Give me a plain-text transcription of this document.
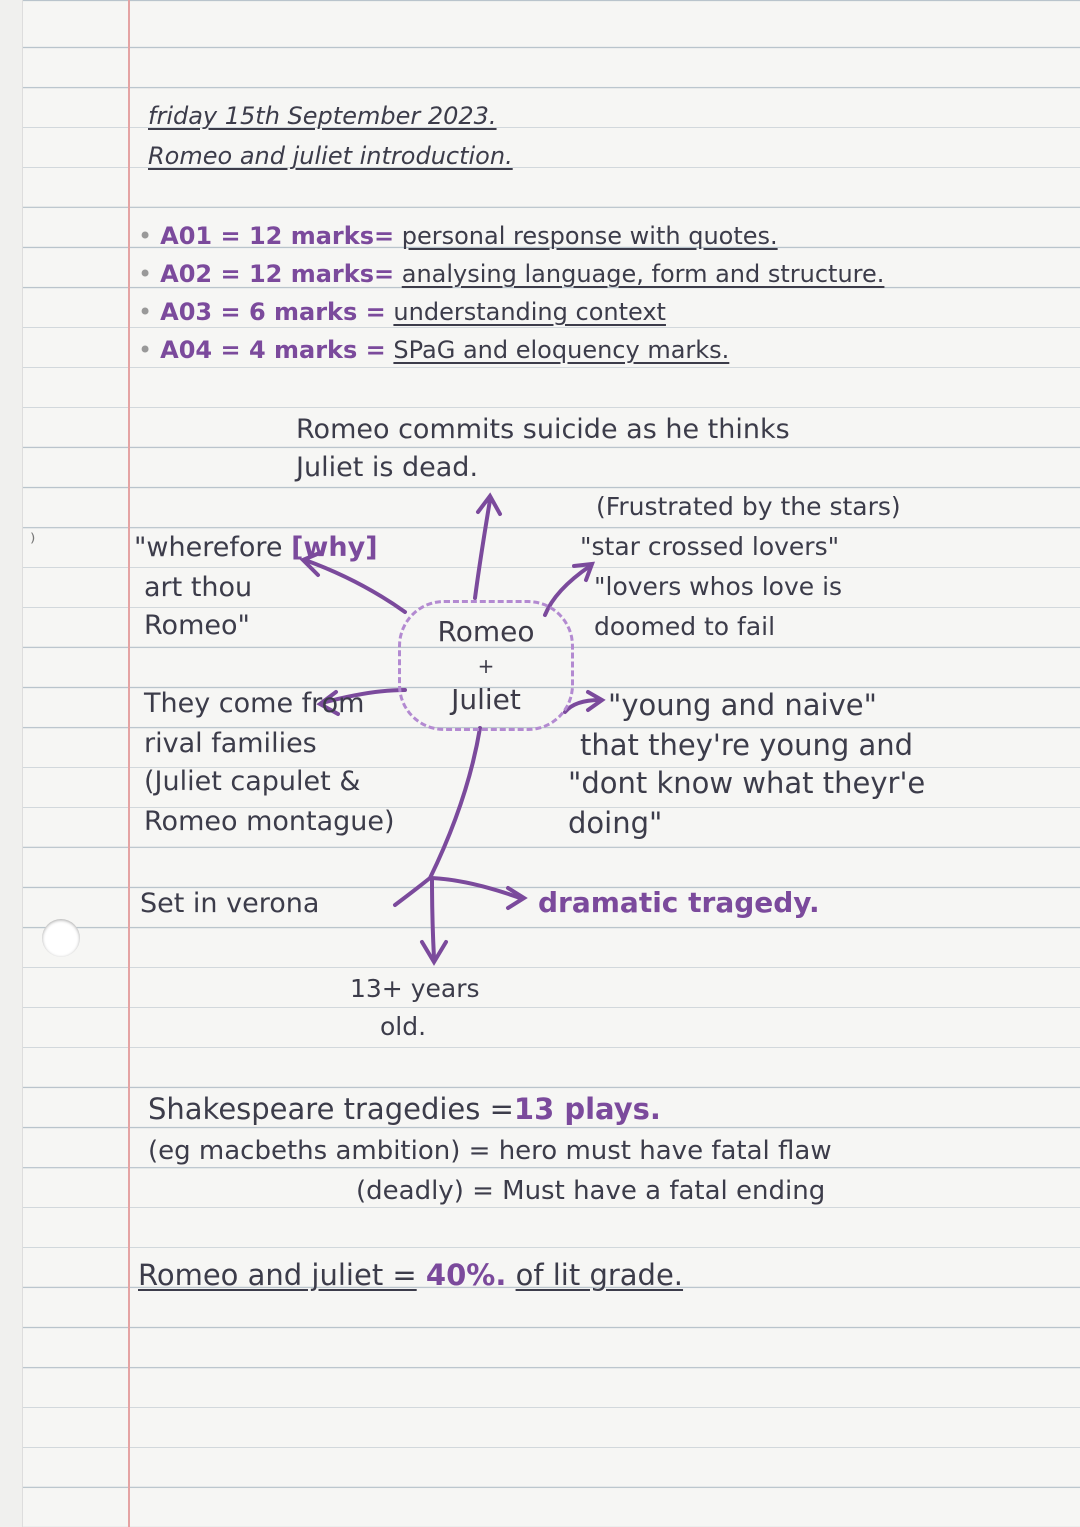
⁾
friday 15th September 2023.
Romeo and juliet introduction.
• A01 = 12 marks= personal response with quotes.
• A02 = 12 marks= analysing language, form and structure.
• A03 = 6 marks = understanding context
• A04 = 4 marks = SPaG and eloquency marks.
Romeo
+
Juliet
Romeo commits suicide as he thinks
Juliet is dead.
"wherefore [why]
art thou
Romeo"
(Frustrated by the stars)
"star crossed lovers"
"lovers whos love is
doomed to fail
They come from
rival families
(Juliet capulet &
Romeo montague)
"young and naive"
that they're young and
"dont know what theyr'e
doing"
Set in verona	dramatic tragedy.
13+ years
old.
Shakespeare tragedies =13 plays.
(eg macbeths ambition) = hero must have fatal flaw
(deadly) = Must have a fatal ending
Romeo and juliet = 40%. of lit grade.
